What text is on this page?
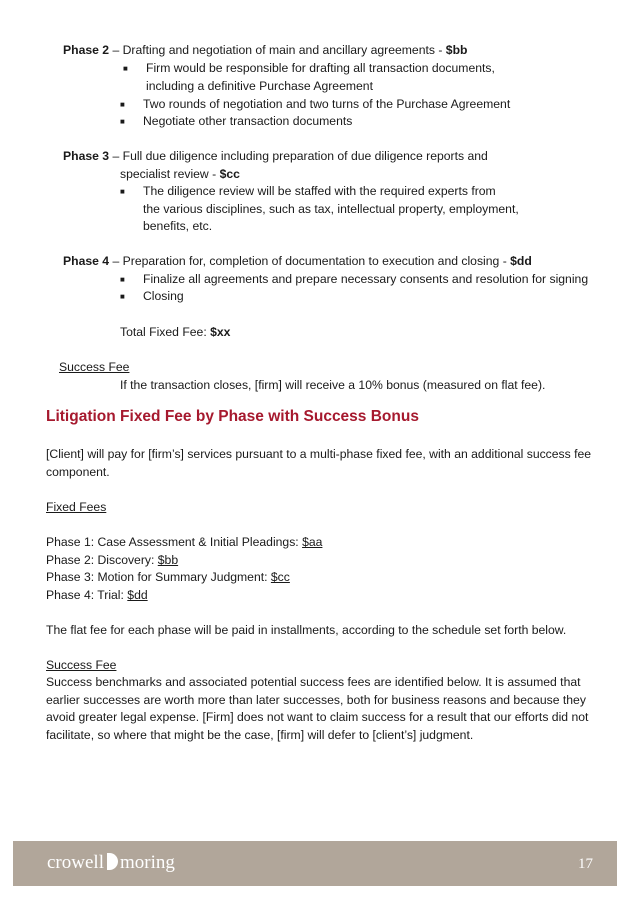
Phase 2 – Drafting and negotiation of main and ancillary agreements - $bb
■ Firm would be responsible for drafting all transaction documents,
including a definitive Purchase Agreement
■ Two rounds of negotiation and two turns of the Purchase Agreement
■ Negotiate other transaction documents
Phase 3 – Full due diligence including preparation of due diligence reports and
specialist review - $cc
■ The diligence review will be staffed with the required experts from
the various disciplines, such as tax, intellectual property, employment,
benefits, etc.
Phase 4 – Preparation for, completion of documentation to execution and closing - $dd
■ Finalize all agreements and prepare necessary consents and resolution for signing
■ Closing
Total Fixed Fee: $xx
Success Fee
If the transaction closes, [firm] will receive a 10% bonus (measured on flat fee).
Litigation Fixed Fee by Phase with Success Bonus
[Client] will pay for [firm’s] services pursuant to a multi-phase fixed fee, with an additional success fee
component.
Fixed Fees
Phase 1: Case Assessment & Initial Pleadings: $aa
Phase 2: Discovery: $bb
Phase 3: Motion for Summary Judgment: $cc
Phase 4: Trial: $dd
The flat fee for each phase will be paid in installments, according to the schedule set forth below.
Success Fee
Success benchmarks and associated potential success fees are identified below. It is assumed that
earlier successes are worth more than later successes, both for business reasons and because they
avoid greater legal expense. [Firm] does not want to claim success for a result that our efforts did not
facilitate, so where that might be the case, [firm] will defer to [client’s] judgment.
crowell moring	17
